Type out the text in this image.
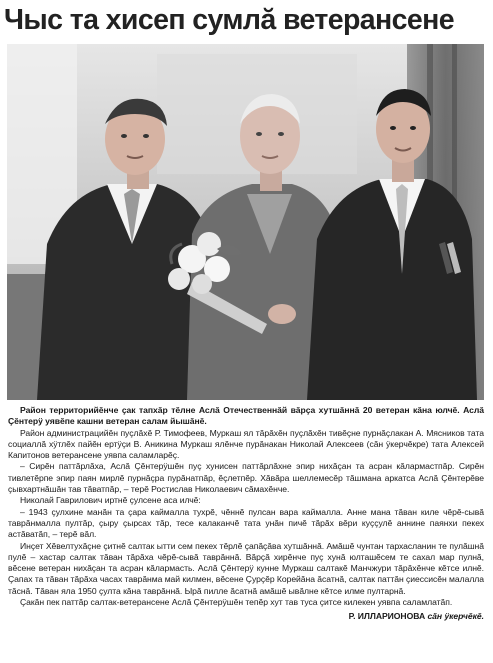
Чыс та хисеп сумлă ветерансене

Район территорийĕнче çак тапхăр тĕлне Аслă Отечественнăй вăрçа хутшăннă 20 ветеран кăна юлчĕ. Аслă Çĕнтерÿ уявĕпе кашни ветеран салам йышăнĕ.

Район администрацийĕн пуçлăхĕ Р. Тимофеев, Муркаш ял тăрăхĕн пуçлăхĕн тивĕçне пурнăçлакан А. Мясников тата социаллă хÿтлĕх пайĕн ертÿçи В. Аникина Муркаш ялĕнче пурăнакан Николай Алексеев (сăн ÿкерчĕкре) тата Алексей Капитонов ветерансене уявпа саламларĕç.

– Сирĕн паттăрлăха, Аслă Çĕнтерÿшĕн пуç хунисен паттăрлăхне эпир нихăçан та асран кăлармастпăр. Сирĕн тивлетĕрпе эпир паян мирлĕ пурнăçра пурăнатпăр, ĕçлетпĕр. Хăвăра шеллемесĕр тăшмана аркатса Аслă Çĕнтерĕве çывхартнăшăн тав тăватпăр, – терĕ Ростислав Николаевич сăмахĕнче.

Николай Гаврилович иртнĕ çулсене аса илчĕ:

– 1943 çулхине манăн та çара каймалла тухрĕ, чĕннĕ пулсан вара каймалла. Анне мана тăван киле чĕрĕ-сывă таврăнмалла пултăр, çыру çырсах тăр, тесе калаканчĕ тата унăн пичĕ тăрăх вĕри куççулĕ аннине паянхи пекех астăватăп, – терĕ вăл.

Инçет Хĕвелтухăçне çитнĕ салтак ытти сем пекех тĕрлĕ çапăçăва хутшăннă. Амăшĕ чунтан тархасланин те пулăшнă пулĕ – хастар салтак тăван тăрăха чĕрĕ-сывă таврăннă. Вăрçă хирĕнче пуç хунă юлташĕсем те сахал мар пулнă, вĕсене ветеран нихăçан та асран кăлармасть. Аслă Çĕнтерÿ кунне Муркаш салтакĕ Манчжури тăрăхĕнче кĕтсе илнĕ. Çапах та тăван тăрăха часах таврăнма май килмен, вĕсене Çурçĕр Корейăна ăсатнă, салтак паттăн çиессисĕн малалла тăснă. Тăван яла 1950 çулта кăна таврăннă. Ырă пилле ăсатнă амăшĕ ывăлне кĕтсе илме пултарнă.

Çакăн пек паттăр салтак-ветерансене Аслă Çĕнтерÿшĕн тепĕр хут тав туса çитсе килекен уявпа саламлатăп.

Р. ИЛЛАРИОНОВА сăн ÿкерчĕкĕ.
